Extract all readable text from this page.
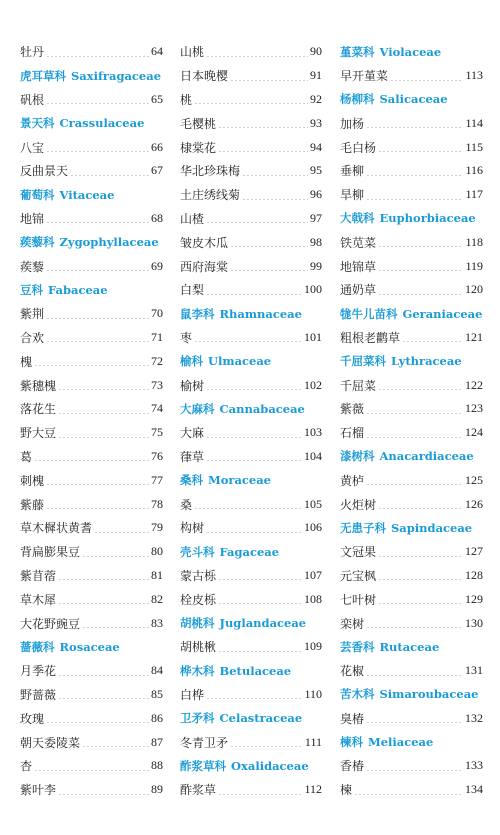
牡丹	64
虎耳草科 Saxifragaceae
矾根	65
景天科 Crassulaceae
八宝	66
反曲景天	67
葡萄科 Vitaceae
地锦	68
蒺藜科 Zygophyllaceae
蒺藜	69
豆科 Fabaceae
紫荆	70
合欢	71
槐	72
紫穗槐	73
落花生	74
野大豆	75
葛	76
刺槐	77
紫藤	78
草木樨状黄耆	79
背扁膨果豆	80
紫苜蓿	81
草木犀	82
大花野豌豆	83
蔷薇科 Rosaceae
月季花	84
野蔷薇	85
玫瑰	86
朝天委陵菜	87
杏	88
紫叶李	89
山桃	90
日本晚樱	91
桃	92
毛樱桃	93
棣棠花	94
华北珍珠梅	95
土庄绣线菊	96
山楂	97
皱皮木瓜	98
西府海棠	99
白梨	100
鼠李科 Rhamnaceae
枣	101
榆科 Ulmaceae
榆树	102
大麻科 Cannabaceae
大麻	103
葎草	104
桑科 Moraceae
桑	105
构树	106
壳斗科 Fagaceae
蒙古栎	107
栓皮栎	108
胡桃科 Juglandaceae
胡桃楸	109
桦木科 Betulaceae
白桦	110
卫矛科 Celastraceae
冬青卫矛	111
酢浆草科 Oxalidaceae
酢浆草	112
堇菜科 Violaceae
早开堇菜	113
杨柳科 Salicaceae
加杨	114
毛白杨	115
垂柳	116
旱柳	117
大戟科 Euphorbiaceae
铁苋菜	118
地锦草	119
通奶草	120
牻牛儿苗科 Geraniaceae
粗根老鹳草	121
千屈菜科 Lythraceae
千屈菜	122
紫薇	123
石榴	124
漆树科 Anacardiaceae
黄栌	125
火炬树	126
无患子科 Sapindaceae
文冠果	127
元宝枫	128
七叶树	129
栾树	130
芸香科 Rutaceae
花椒	131
苦木科 Simaroubaceae
臭椿	132
楝科 Meliaceae
香椿	133
楝	134
